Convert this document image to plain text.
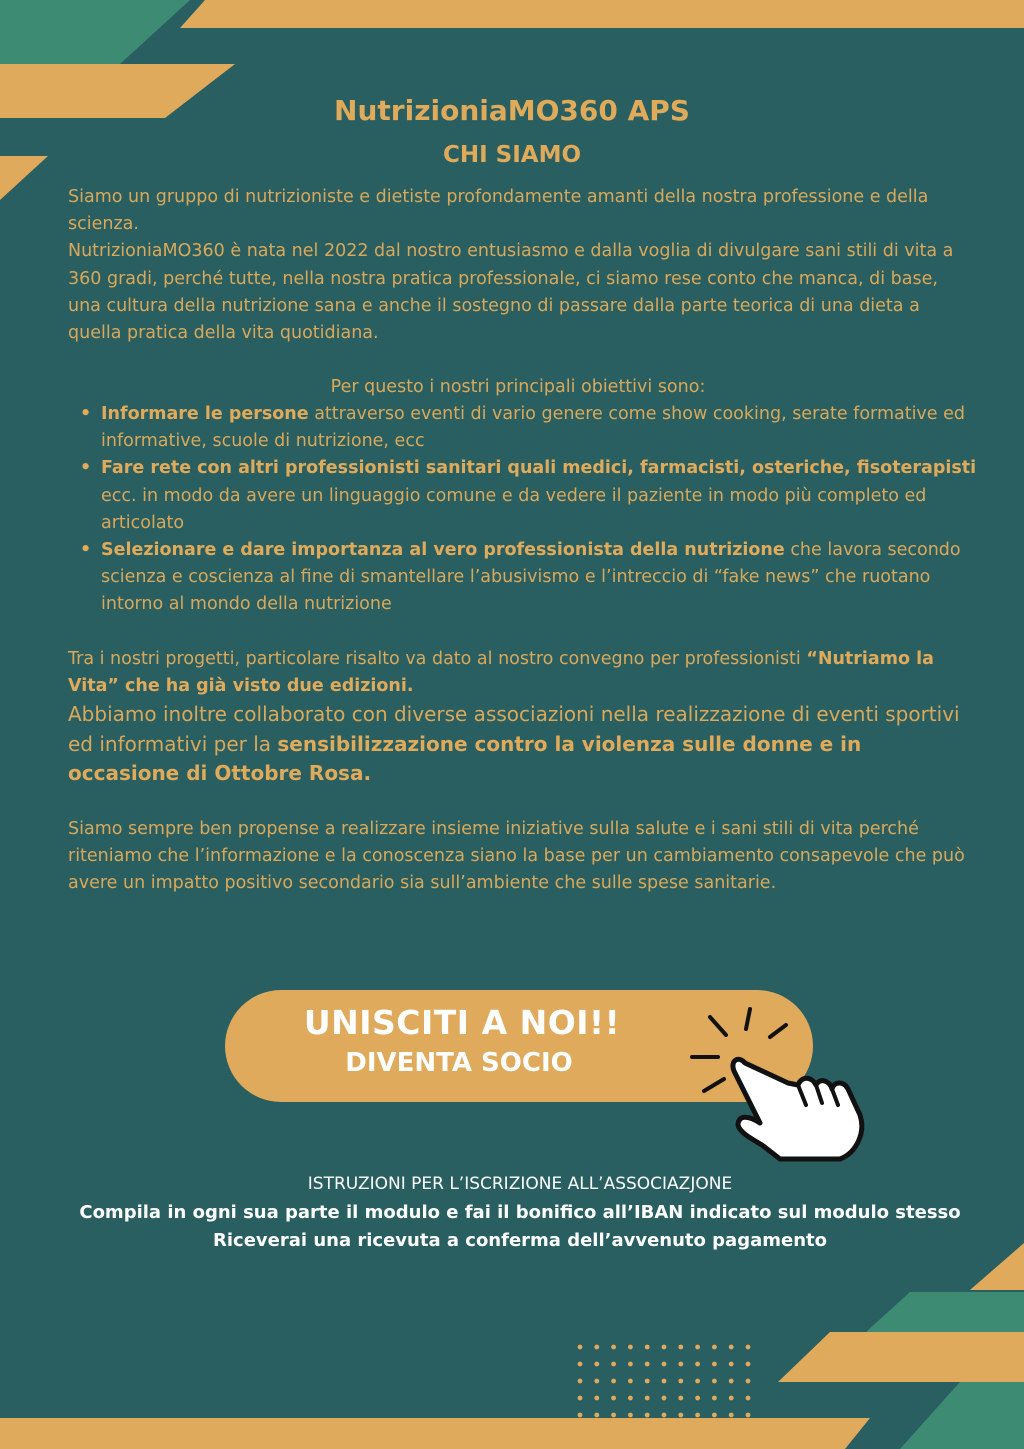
NutrizioniaMO360 APS
CHI SIAMO

Siamo un gruppo di nutrizioniste e dietiste profondamente amanti della nostra professione e della scienza.

NutrizioniaMO360 è nata nel 2022 dal nostro entusiasmo e dalla voglia di divulgare sani stili di vita a 360 gradi, perché tutte, nella nostra pratica professionale, ci siamo rese conto che manca, di base, una cultura della nutrizione sana e anche il sostegno di passare dalla parte teorica di una dieta a quella pratica della vita quotidiana.

Per questo i nostri principali obiettivi sono:

• Informare le persone attraverso eventi di vario genere come show cooking, serate formative ed informative, scuole di nutrizione, ecc
• Fare rete con altri professionisti sanitari quali medici, farmacisti, osteriche, fisoterapisti ecc. in modo da avere un linguaggio comune e da vedere il paziente in modo più completo ed articolato
• Selezionare e dare importanza al vero professionista della nutrizione che lavora secondo scienza e coscienza al fine di smantellare l’abusivismo e l’intreccio di “fake news” che ruotano intorno al mondo della nutrizione
Tra i nostri progetti, particolare risalto va dato al nostro convegno per professionisti “Nutriamo la Vita” che ha già visto due edizioni.
Abbiamo inoltre collaborato con diverse associazioni nella realizzazione di eventi sportivi ed informativi per la sensibilizzazione contro la violenza sulle donne e in occasione di Ottobre Rosa.

Siamo sempre ben propense a realizzare insieme iniziative sulla salute e i sani stili di vita perché riteniamo che l’informazione e la conoscenza siano la base per un cambiamento consapevole che può avere un impatto positivo secondario sia sull’ambiente che sulle spese sanitarie.

UNISCITI A NOI!!
DIVENTA SOCIO
ISTRUZIONI PER L’ISCRIZIONE ALL’ASSOCIAZJONE
Compila in ogni sua parte il modulo e fai il bonifico all’IBAN indicato sul modulo stesso
Riceverai una ricevuta a conferma dell’avvenuto pagamento
